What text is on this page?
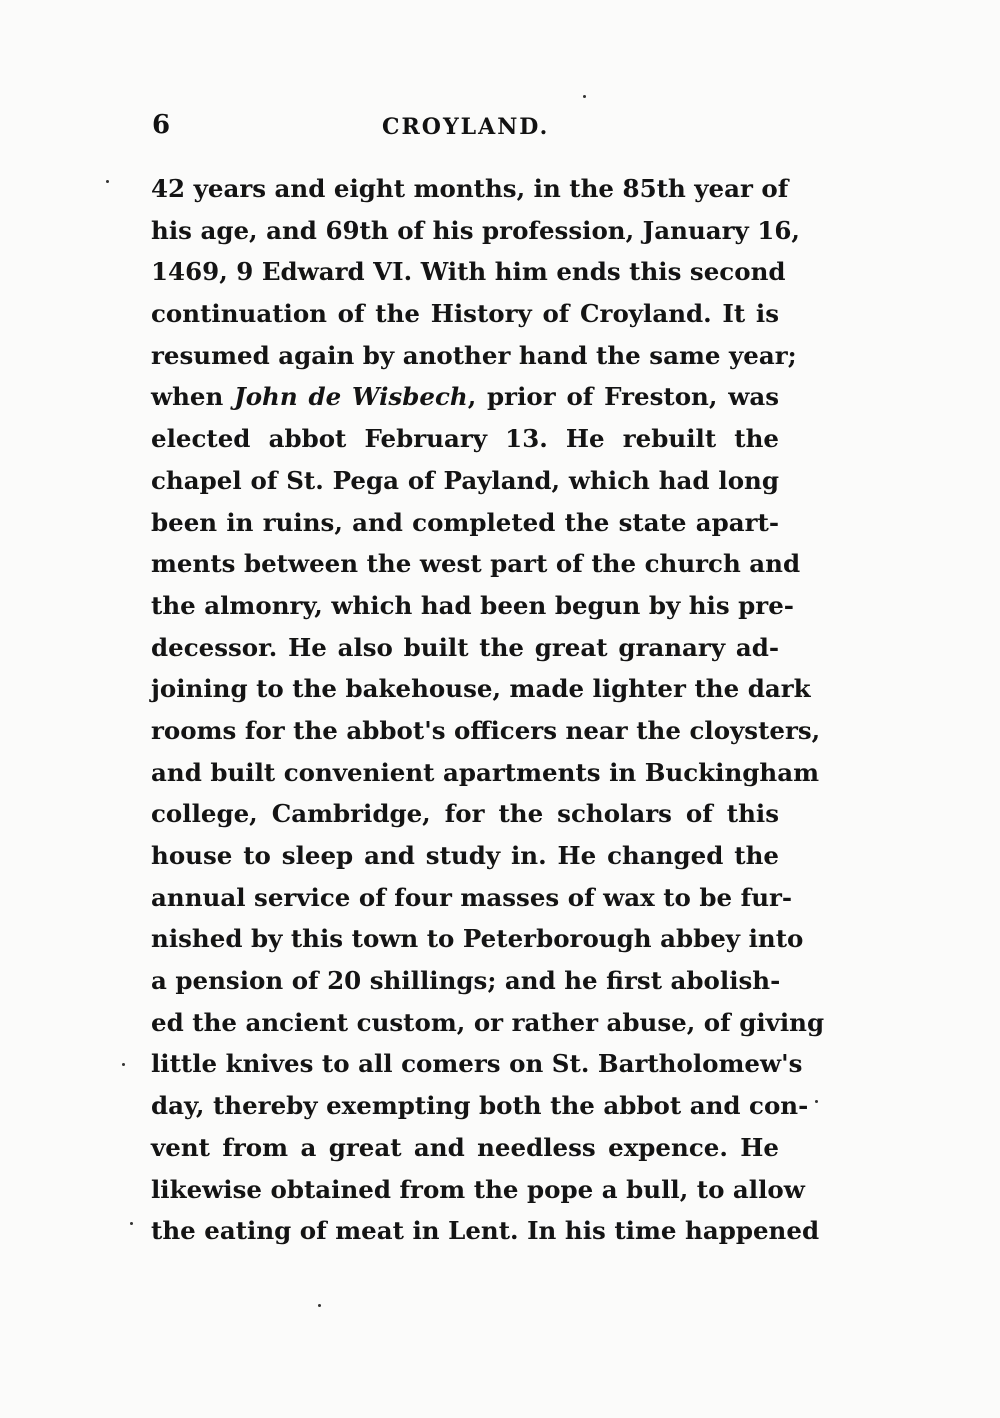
6	CROYLAND.
42 years and eight months, in the 85th year of
his age, and 69th of his profession, January 16,
1469, 9 Edward VI. With him ends this second
continuation of the History of Croyland. It is
resumed again by another hand the same year;
when John de Wisbech, prior of Freston, was
elected abbot February 13. He rebuilt the
chapel of St. Pega of Payland, which had long
been in ruins, and completed the state apart-
ments between the west part of the church and
the almonry, which had been begun by his pre-
decessor. He also built the great granary ad-
joining to the bakehouse, made lighter the dark
rooms for the abbot's officers near the cloysters,
and built convenient apartments in Buckingham
college, Cambridge, for the scholars of this
house to sleep and study in. He changed the
annual service of four masses of wax to be fur-
nished by this town to Peterborough abbey into
a pension of 20 shillings; and he first abolish-
ed the ancient custom, or rather abuse, of giving
little knives to all comers on St. Bartholomew's
day, thereby exempting both the abbot and con-
vent from a great and needless expence. He
likewise obtained from the pope a bull, to allow
the eating of meat in Lent. In his time happened
